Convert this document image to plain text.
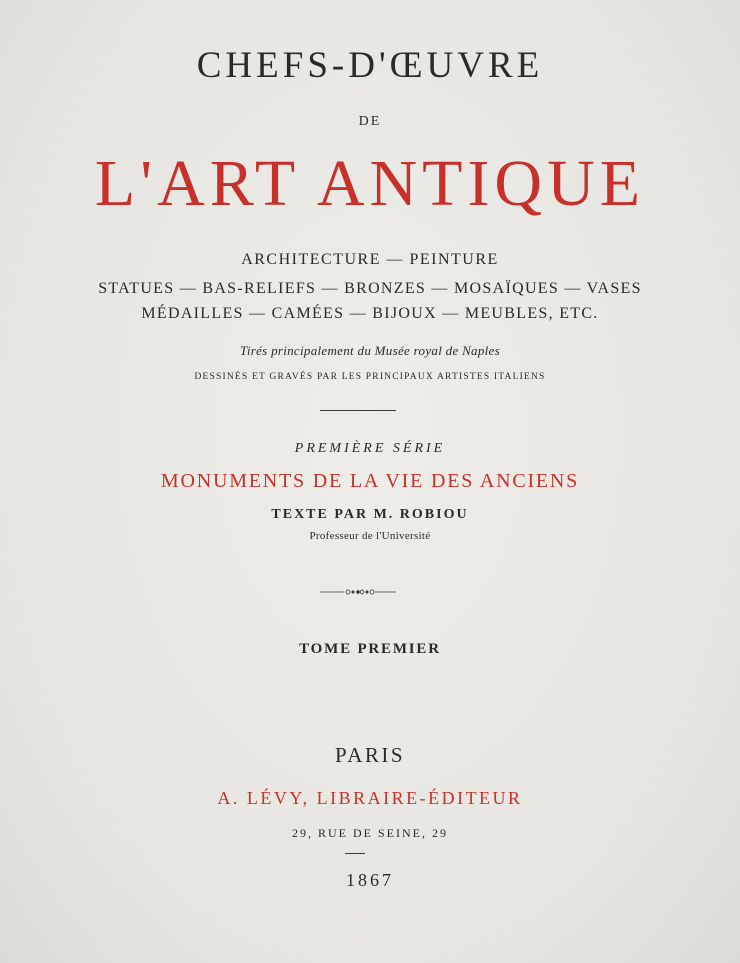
CHEFS-D'ŒUVRE
DE
L'ART ANTIQUE
ARCHITECTURE — PEINTURE
STATUES — BAS-RELIEFS — BRONZES — MOSAÏQUES — VASES
MÉDAILLES — CAMÉES — BIJOUX — MEUBLES, ETC.
Tirés principalement du Musée royal de Naples
DESSINÉS ET GRAVÉS PAR LES PRINCIPAUX ARTISTES ITALIENS
PREMIÈRE SÉRIE
MONUMENTS DE LA VIE DES ANCIENS
TEXTE PAR M. ROBIOU
Professeur de l'Université
TOME PREMIER
PARIS
A. LÉVY, LIBRAIRE-ÉDITEUR
29, RUE DE SEINE, 29
1867
